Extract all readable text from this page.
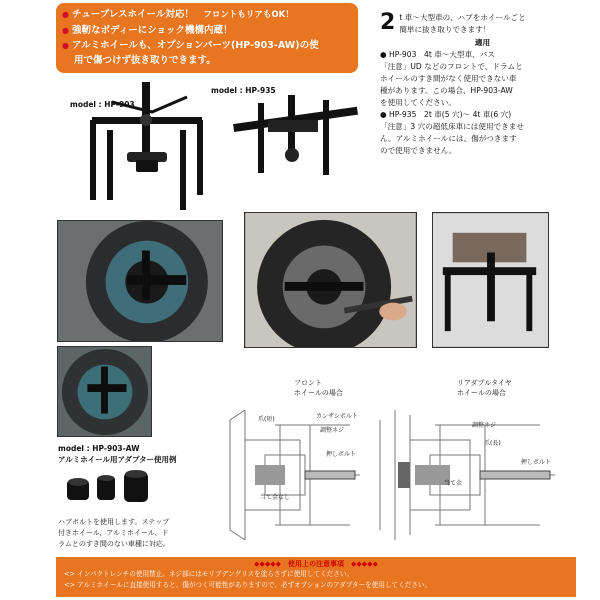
● チューブレスホイール対応！　 フロントもリアもOK！
● 強靭なボディーにショック機構内蔵！
● アルミホイールも、オプションパーツ(HP-903-AW)の使
用で傷つけず抜き取りできます。
model : HP-903
model : HP-935
2 t 車～大型車の、ハブをホイールごと

簡単に抜き取りできます！

適用

● HP-903　4t 車～大型車、バス

「注意」UD などのフロントで、ドラムと

ホイールのすき間がなく使用できない車

種があります。この場合、HP-903-AW

を使用してください。

● HP-935　2t 車(5 穴)～ 4t 車(6 穴)

「注意」3 穴の超低床車には使用できませ

ん。アルミホイールには、傷がつきます

ので使用できません。

model : HP-903-AW
アルミホイール用アダプター使用例
ハブボルトを使用します。ステップ
付きホイール、アルミホイール、ド
ラムとのすき間のない車種に対応。
フロント
ホイールの場合
リアダブルタイヤ
ホイールの場合
爪(短)	カンザシボルト
調整ネジ
押しボルト
当て金なし
調整ネジ
爪(長)
押しボルト
当て金
◆◆◆◆◆　使用上の注意事項　◆◆◆◆◆
<> インパクトレンチの使用禁止。ネジ部にはモリブデングリスを塗らさずに使用してください。
<> アルミホイールに直接使用すると、傷がつく可能性がありますので、必ずオプションのアダプターを使用してください。
